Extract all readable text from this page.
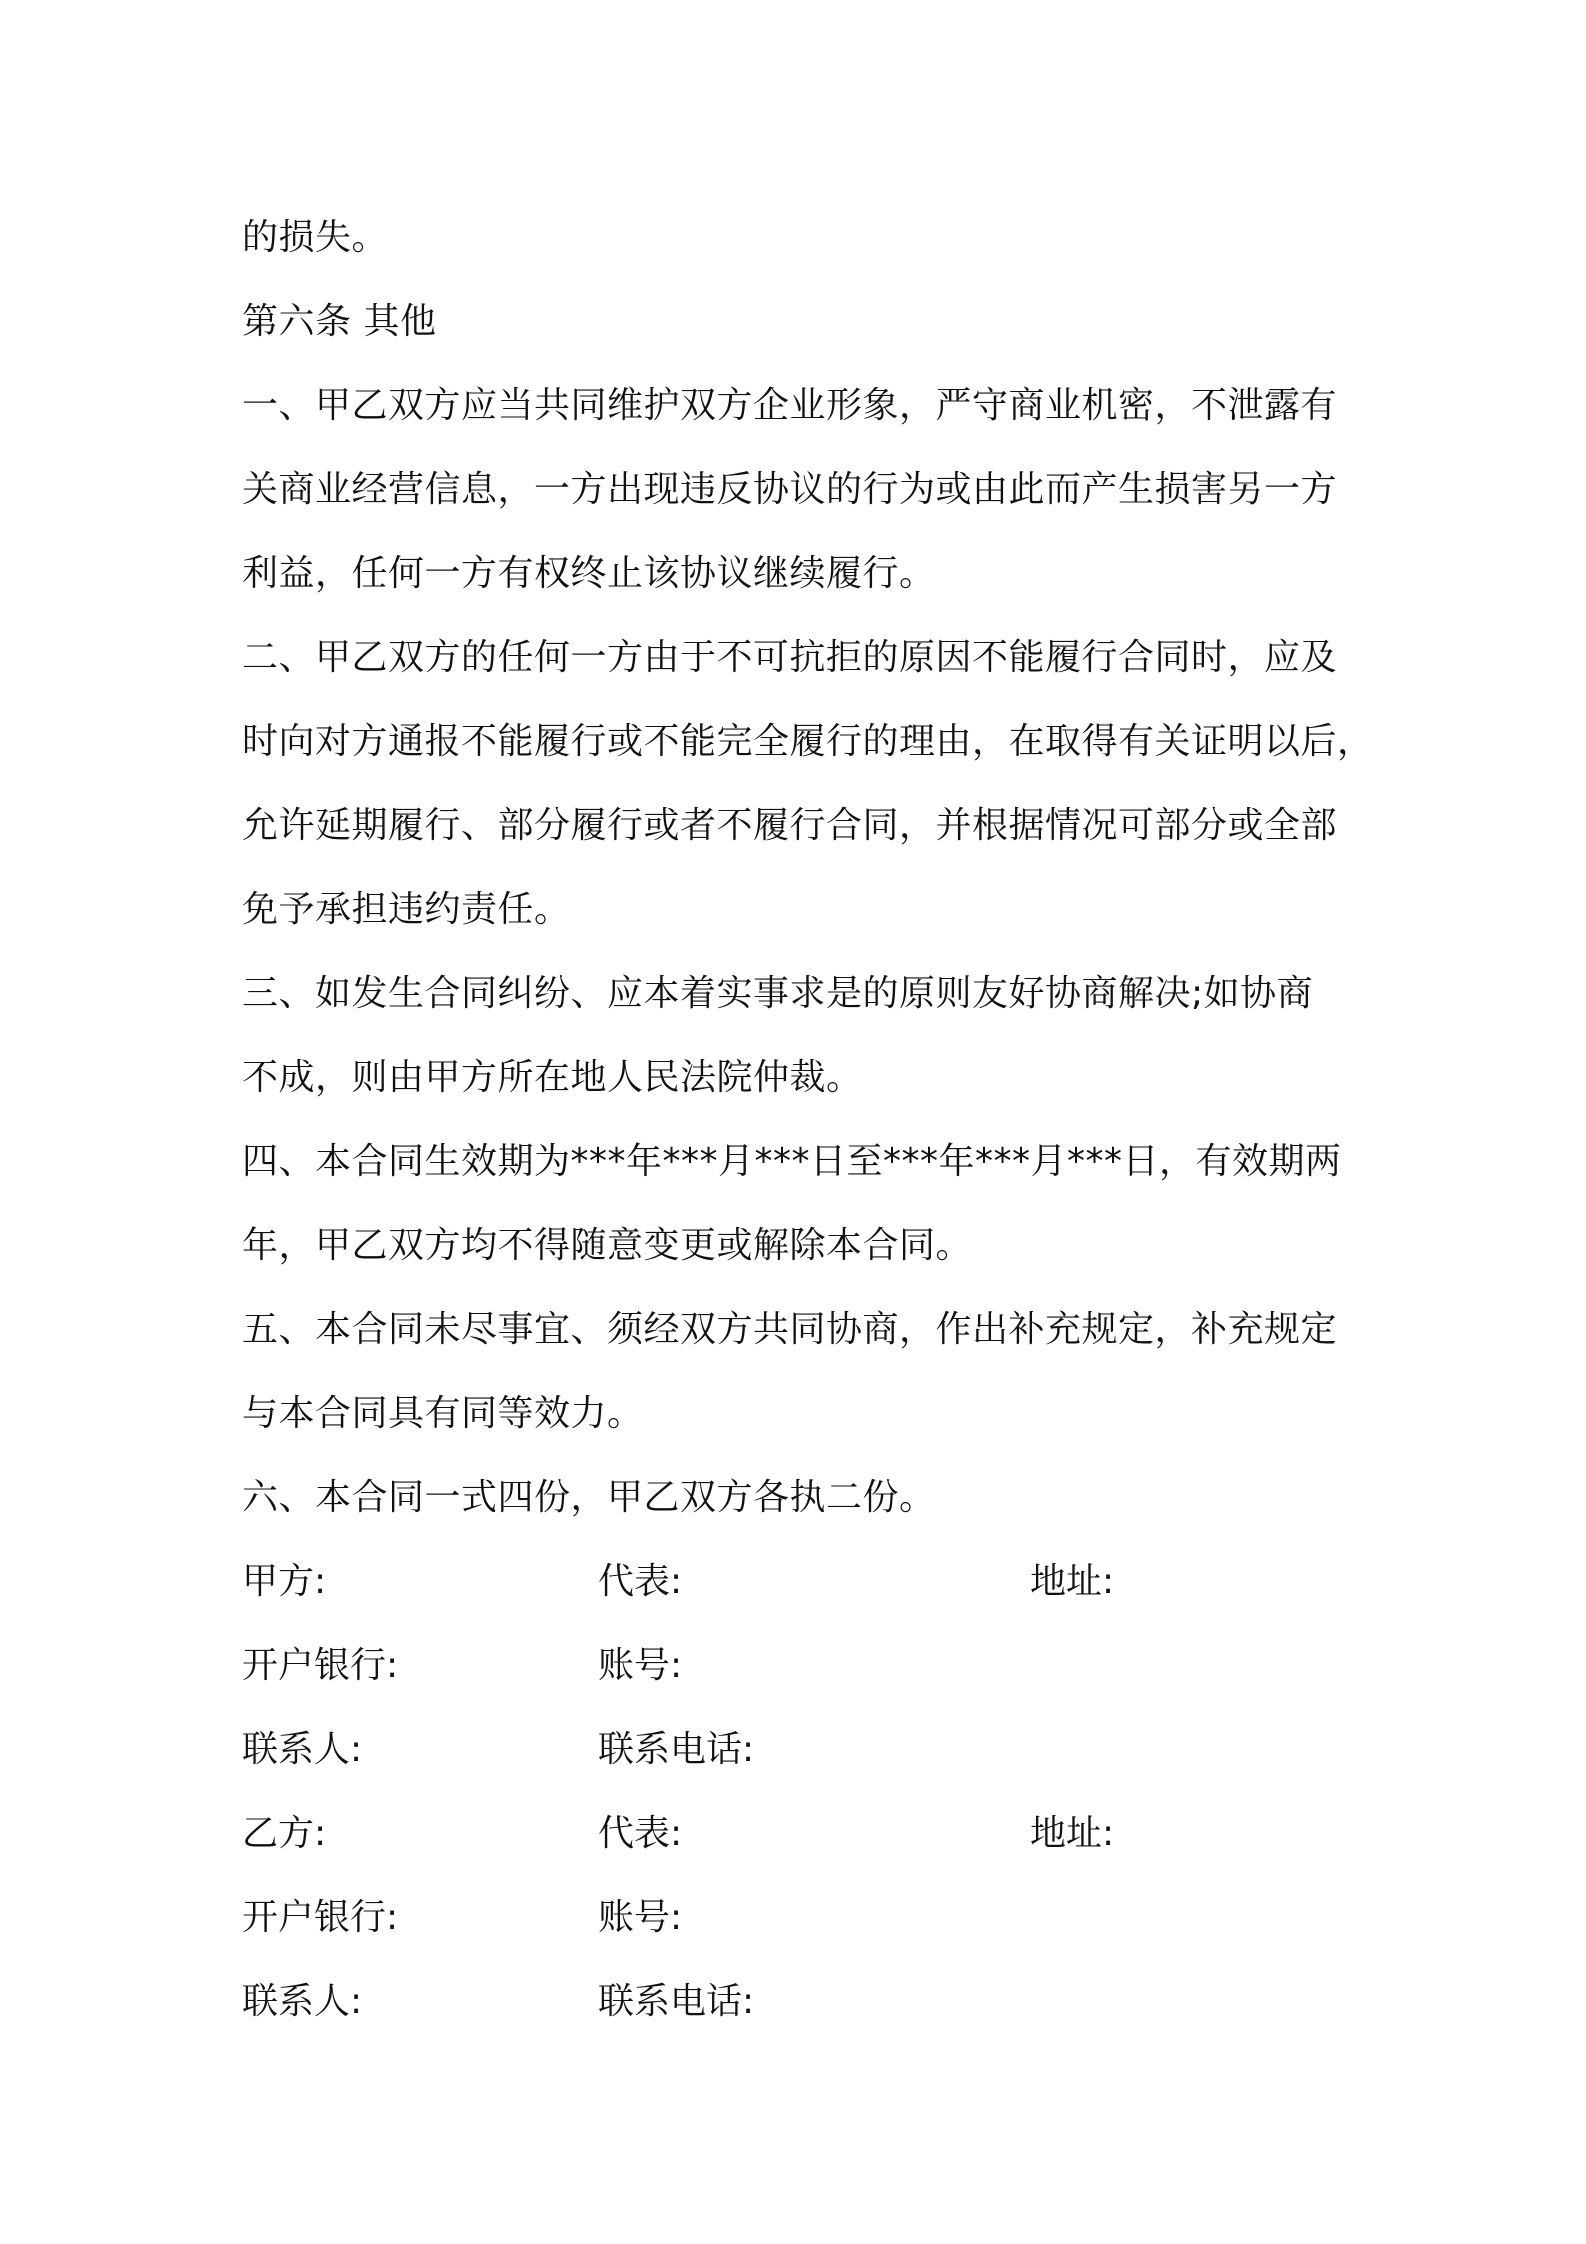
的损失。
第六条 其他
一、甲乙双方应当共同维护双方企业形象，严守商业机密，不泄露有
关商业经营信息，一方出现违反协议的行为或由此而产生损害另一方
利益，任何一方有权终止该协议继续履行。
二、甲乙双方的任何一方由于不可抗拒的原因不能履行合同时，应及
时向对方通报不能履行或不能完全履行的理由，在取得有关证明以后，
允许延期履行、部分履行或者不履行合同，并根据情况可部分或全部
免予承担违约责任。
三、如发生合同纠纷、应本着实事求是的原则友好协商解决;如协商
不成，则由甲方所在地人民法院仲裁。
四、本合同生效期为***年***月***日至***年***月***日，有效期两
年，甲乙双方均不得随意变更或解除本合同。
五、本合同未尽事宜、须经双方共同协商，作出补充规定，补充规定
与本合同具有同等效力。
六、本合同一式四份，甲乙双方各执二份。
甲方:	代表:	地址:
开户银行:	账号:
联系人:	联系电话:
乙方:	代表:	地址:
开户银行:	账号:
联系人:	联系电话:
